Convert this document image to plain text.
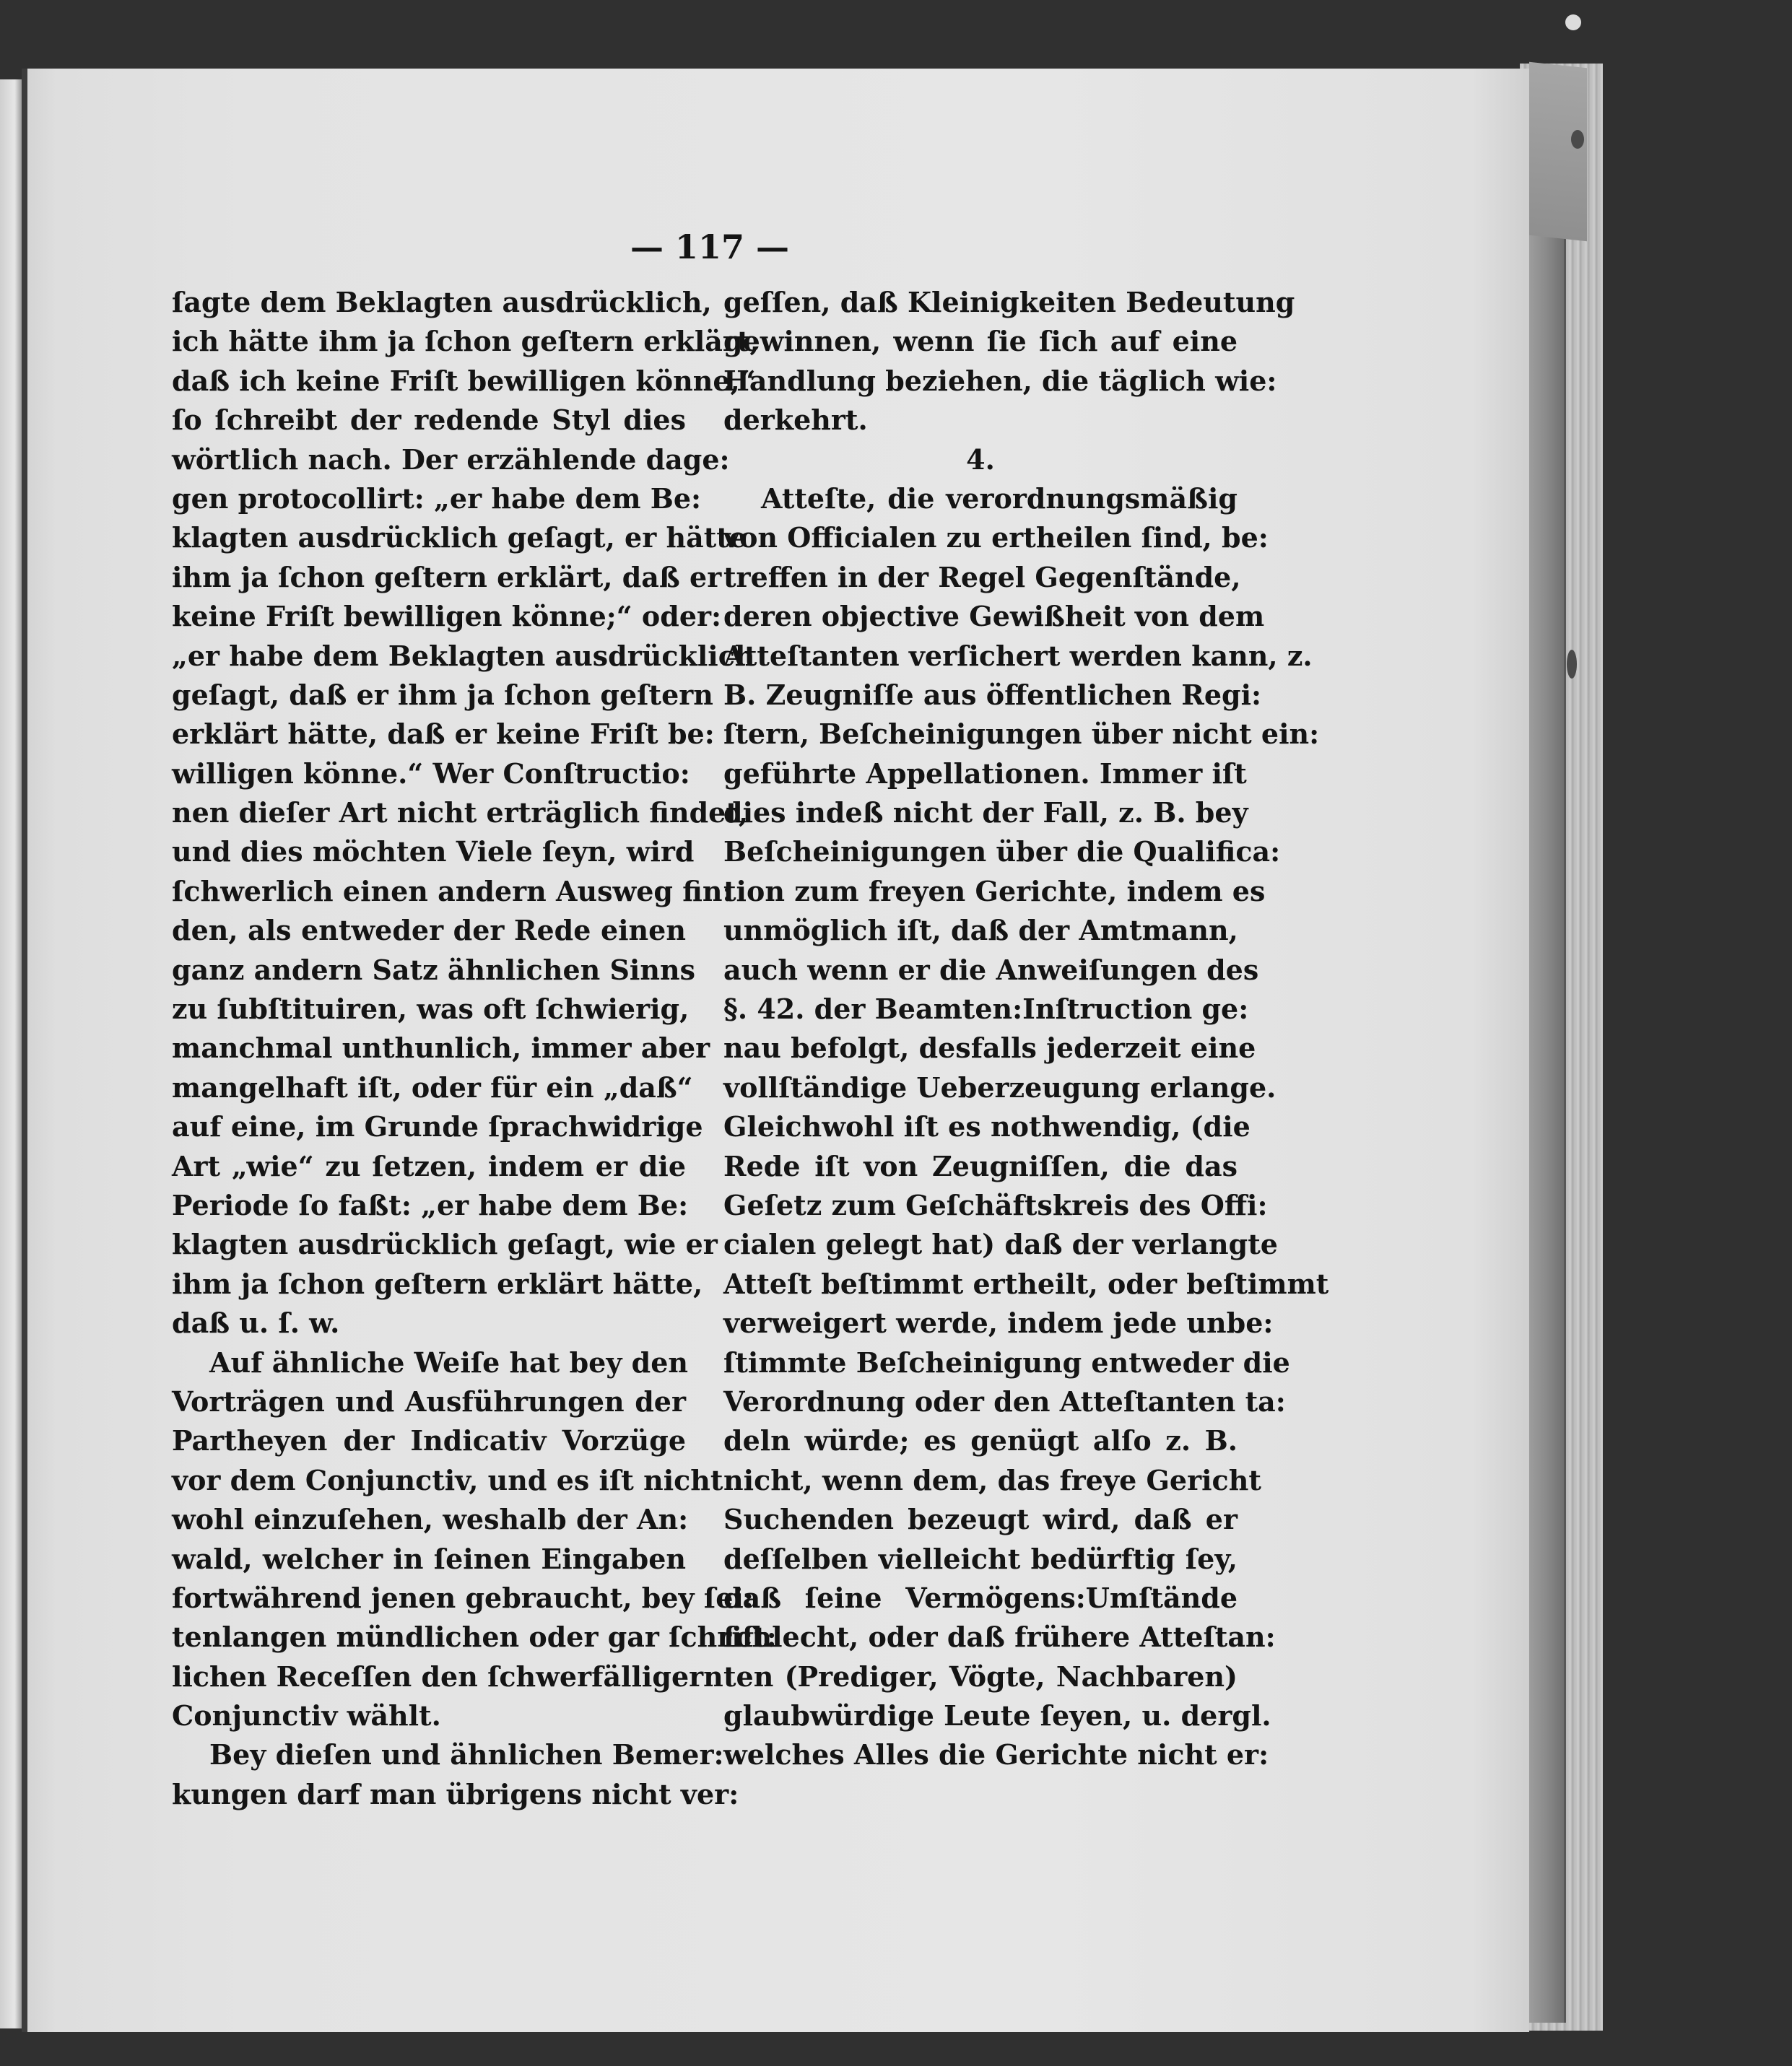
— 117 —
ſagte dem Beklagten ausdrücklich,
ich hätte ihm ja ſchon geſtern erklärt,
daß ich keine Friſt bewilligen könne,“
ſo ſchreibt der redende Styl dies
wörtlich nach. Der erzählende dage:
gen protocollirt: „er habe dem Be:
klagten ausdrücklich geſagt, er hätte
ihm ja ſchon geſtern erklärt, daß er
keine Friſt bewilligen könne;“ oder:
„er habe dem Beklagten ausdrücklich
geſagt, daß er ihm ja ſchon geſtern
erklärt hätte, daß er keine Friſt be:
willigen könne.“ Wer Conſtructio:
nen dieſer Art nicht erträglich findet,
und dies möchten Viele ſeyn, wird
ſchwerlich einen andern Ausweg fin:
den, als entweder der Rede einen
ganz andern Satz ähnlichen Sinns
zu ſubſtituiren, was oft ſchwierig,
manchmal unthunlich, immer aber
mangelhaft iſt, oder für ein „daß“
auf eine, im Grunde ſprachwidrige
Art „wie“ zu ſetzen, indem er die
Periode ſo faßt: „er habe dem Be:
klagten ausdrücklich geſagt, wie er
ihm ja ſchon geſtern erklärt hätte,
daß u. ſ. w.
Auf ähnliche Weiſe hat bey den
Vorträgen und Ausführungen der
Partheyen der Indicativ Vorzüge
vor dem Conjunctiv, und es iſt nicht
wohl einzuſehen, weshalb der An:
wald, welcher in ſeinen Eingaben
fortwährend jenen gebraucht, bey ſei:
tenlangen mündlichen oder gar ſchrift:
lichen Receſſen den ſchwerfälligern
Conjunctiv wählt.
Bey dieſen und ähnlichen Bemer:
kungen darf man übrigens nicht ver:
geſſen, daß Kleinigkeiten Bedeutung
gewinnen, wenn ſie ſich auf eine
Handlung beziehen, die täglich wie:
derkehrt.
4.
Atteſte, die verordnungsmäßig
von Officialen zu ertheilen ſind, be:
treffen in der Regel Gegenſtände,
deren objective Gewißheit von dem
Atteſtanten verſichert werden kann, z.
B. Zeugniſſe aus öffentlichen Regi:
ſtern, Beſcheinigungen über nicht ein:
geführte Appellationen. Immer iſt
dies indeß nicht der Fall, z. B. bey
Beſcheinigungen über die Qualifica:
tion zum freyen Gerichte, indem es
unmöglich iſt, daß der Amtmann,
auch wenn er die Anweiſungen des
§. 42. der Beamten:Inſtruction ge:
nau befolgt, desfalls jederzeit eine
vollſtändige Ueberzeugung erlange.
Gleichwohl iſt es nothwendig, (die
Rede iſt von Zeugniſſen, die das
Geſetz zum Geſchäftskreis des Offi:
cialen gelegt hat) daß der verlangte
Atteſt beſtimmt ertheilt, oder beſtimmt
verweigert werde, indem jede unbe:
ſtimmte Beſcheinigung entweder die
Verordnung oder den Atteſtanten ta:
deln würde; es genügt alſo z. B.
nicht, wenn dem, das freye Gericht
Suchenden bezeugt wird, daß er
deſſelben vielleicht bedürftig ſey,
daß ſeine Vermögens:Umſtände
ſchlecht, oder daß frühere Atteſtan:
ten (Prediger, Vögte, Nachbaren)
glaubwürdige Leute ſeyen, u. dergl.
welches Alles die Gerichte nicht er:
